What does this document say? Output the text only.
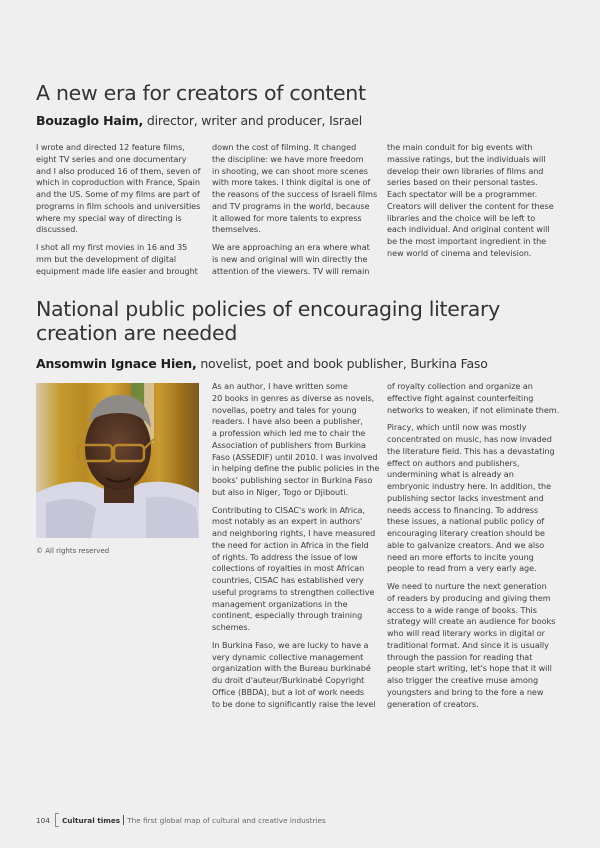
A new era for creators of content
Bouzaglo Haim, director, writer and producer, Israel

I wrote and directed 12 feature films,
eight TV series and one documentary
and I also produced 16 of them, seven of
which in coproduction with France, Spain
and the US. Some of my films are part of
programs in film schools and universities
where my special way of directing is
discussed.

I shot all my first movies in 16 and 35
mm but the development of digital
equipment made life easier and brought

down the cost of filming. It changed
the discipline: we have more freedom
in shooting, we can shoot more scenes
with more takes. I think digital is one of
the reasons of the success of Israeli films
and TV programs in the world, because
it allowed for more talents to express
themselves.

We are approaching an era where what
is new and original will win directly the
attention of the viewers. TV will remain

the main conduit for big events with
massive ratings, but the individuals will
develop their own libraries of films and
series based on their personal tastes.
Each spectator will be a programmer.
Creators will deliver the content for these
libraries and the choice will be left to
each individual. And original content will
be the most important ingredient in the
new world of cinema and television.

National public policies of encouraging literary
creation are needed
Ansomwin Ignace Hien, novelist, poet and book publisher, Burkina Faso
© All rights reserved

As an author, I have written some
20 books in genres as diverse as novels,
novellas, poetry and tales for young
readers. I have also been a publisher,
a profession which led me to chair the
Association of publishers from Burkina
Faso (ASSEDIF) until 2010. I was involved
in helping define the public policies in the
books' publishing sector in Burkina Faso
but also in Niger, Togo or Djibouti.

Contributing to CISAC's work in Africa,
most notably as an expert in authors'
and neighboring rights, I have measured
the need for action in Africa in the field
of rights. To address the issue of low
collections of royalties in most African
countries, CISAC has established very
useful programs to strengthen collective
management organizations in the
continent, especially through training
schemes.

In Burkina Faso, we are lucky to have a
very dynamic collective management
organization with the Bureau burkinabé
du droit d'auteur/Burkinabé Copyright
Office (BBDA), but a lot of work needs
to be done to significantly raise the level

of royalty collection and organize an
effective fight against counterfeiting
networks to weaken, if not eliminate them.

Piracy, which until now was mostly
concentrated on music, has now invaded
the literature field. This has a devastating
effect on authors and publishers,
undermining what is already an
embryonic industry here. In addition, the
publishing sector lacks investment and
needs access to financing. To address
these issues, a national public policy of
encouraging literary creation should be
able to galvanize creators. And we also
need an more efforts to incite young
people to read from a very early age.

We need to nurture the next generation
of readers by producing and giving them
access to a wide range of books. This
strategy will create an audience for books
who will read literary works in digital or
traditional format. And since it is usually
through the passion for reading that
people start writing, let's hope that it will
also trigger the creative muse among
youngsters and bring to the fore a new
generation of creators.

104 Cultural times The first global map of cultural and creative industries
